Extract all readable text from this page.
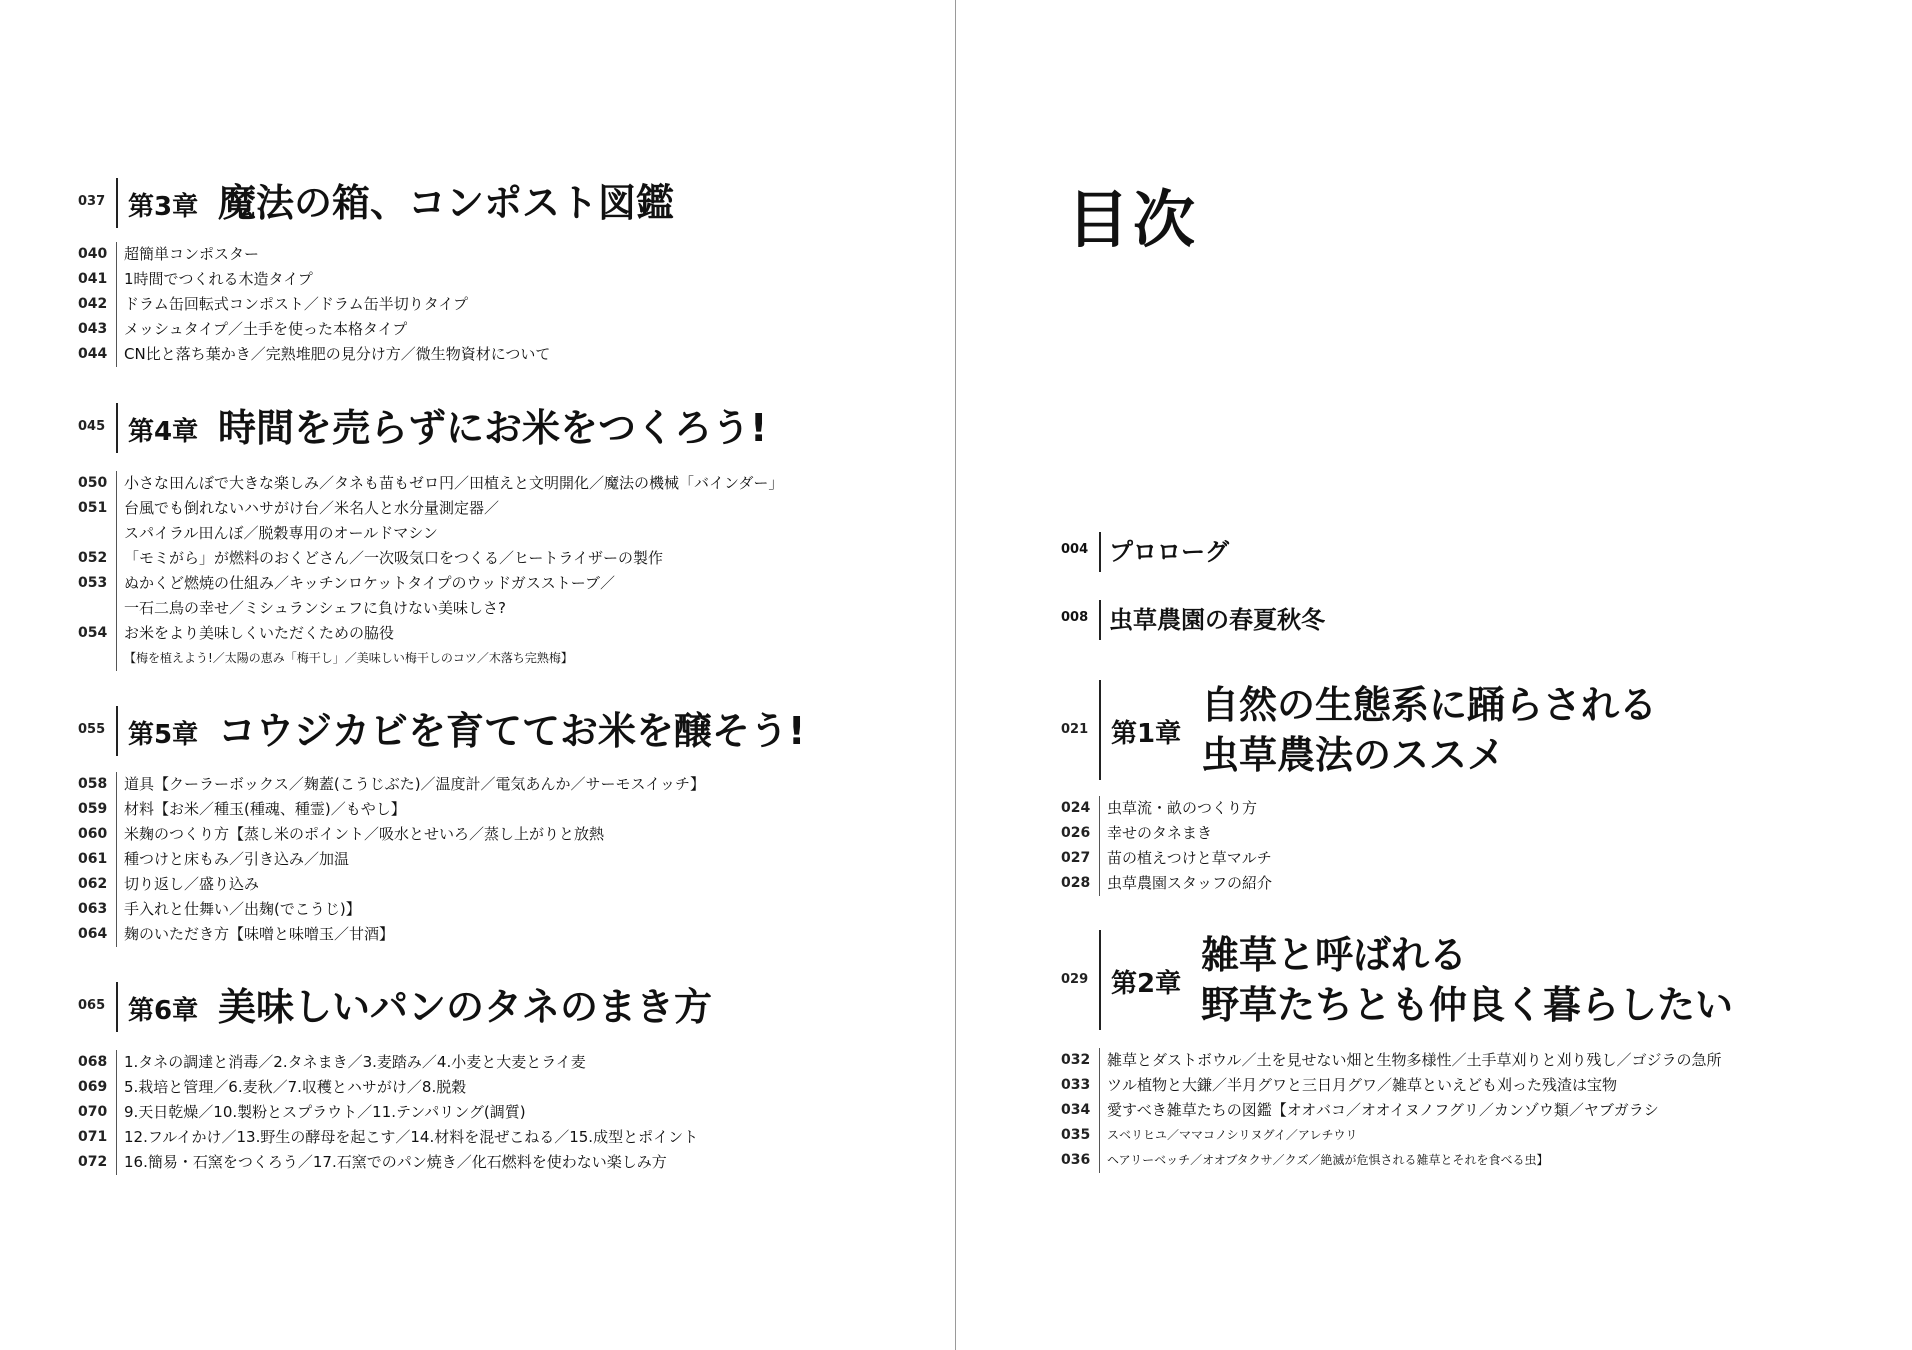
037 第3章 魔法の箱、コンポスト図鑑
040	超簡単コンポスター
041	1時間でつくれる木造タイプ
042	ドラム缶回転式コンポスト／ドラム缶半切りタイプ
043	メッシュタイプ／土手を使った本格タイプ
044	CN比と落ち葉かき／完熟堆肥の見分け方／微生物資材について
045 第4章 時間を売らずにお米をつくろう!
050	小さな田んぼで大きな楽しみ／タネも苗もゼロ円／田植えと文明開化／魔法の機械「バインダー」
051	台風でも倒れないハサがけ台／米名人と水分量測定器／
スパイラル田んぼ／脱穀専用のオールドマシン
052	「モミがら」が燃料のおくどさん／一次吸気口をつくる／ヒートライザーの製作
053	ぬかくど燃焼の仕組み／キッチンロケットタイプのウッドガスストーブ／
一石二鳥の幸せ／ミシュランシェフに負けない美味しさ?
054	お米をより美味しくいただくための脇役
【梅を植えよう!／太陽の恵み「梅干し」／美味しい梅干しのコツ／木落ち完熟梅】
055 第5章 コウジカビを育ててお米を醸そう!
058	道具【クーラーボックス／麹蓋(こうじぶた)／温度計／電気あんか／サーモスイッチ】
059	材料【お米／種玉(種魂、種霊)／もやし】
060	米麹のつくり方【蒸し米のポイント／吸水とせいろ／蒸し上がりと放熱
061	種つけと床もみ／引き込み／加温
062	切り返し／盛り込み
063	手入れと仕舞い／出麹(でこうじ)】
064	麹のいただき方【味噌と味噌玉／甘酒】
065 第6章 美味しいパンのタネのまき方
068	1.タネの調達と消毒／2.タネまき／3.麦踏み／4.小麦と大麦とライ麦
069	5.栽培と管理／6.麦秋／7.収穫とハサがけ／8.脱穀
070	9.天日乾燥／10.製粉とスプラウト／11.テンパリング(調質)
071	12.フルイかけ／13.野生の酵母を起こす／14.材料を混ぜこねる／15.成型とポイント
072	16.簡易・石窯をつくろう／17.石窯でのパン焼き／化石燃料を使わない楽しみ方
目次
004 プロローグ
008 虫草農園の春夏秋冬
021 第1章
自然の生態系に踊らされる
虫草農法のススメ
024	虫草流・畝のつくり方
026	幸せのタネまき
027	苗の植えつけと草マルチ
028	虫草農園スタッフの紹介
029 第2章
雑草と呼ばれる
野草たちとも仲良く暮らしたい
032	雑草とダストボウル／土を見せない畑と生物多様性／土手草刈りと刈り残し／ゴジラの急所
033	ツル植物と大鎌／半月グワと三日月グワ／雑草といえども刈った残渣は宝物
034	愛すべき雑草たちの図鑑【オオバコ／オオイヌノフグリ／カンゾウ類／ヤブガラシ
035	スベリヒユ／ママコノシリヌグイ／アレチウリ
036	ヘアリーベッチ／オオブタクサ／クズ／絶滅が危惧される雑草とそれを食べる虫】
